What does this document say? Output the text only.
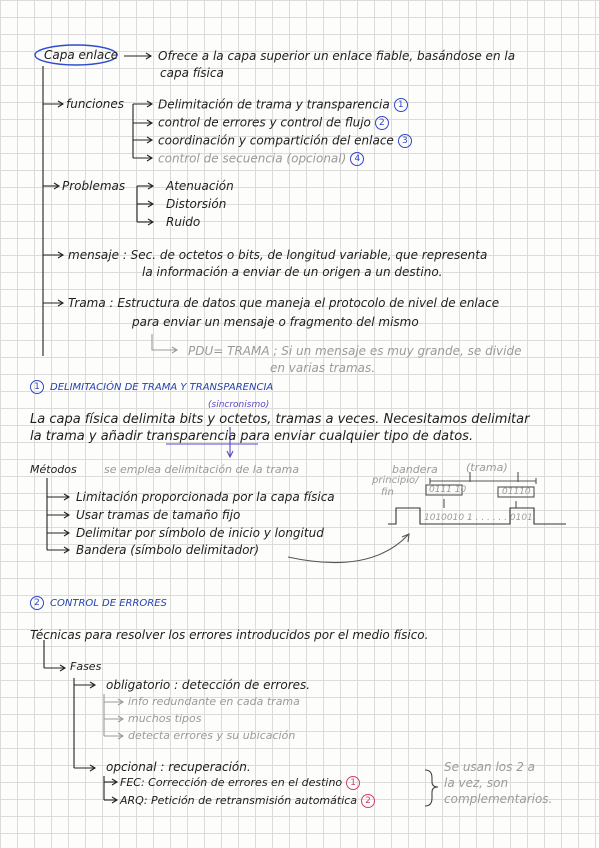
Capa enlace	Ofrece a la capa superior un enlace fiable, basándose en la
capa física
funciones	Delimitación de trama y transparencia 1
control de errores y control de flujo 2
coordinación y compartición del enlace 3
control de secuencia (opcional) 4
Problemas	Atenuación
Distorsión
Ruido
mensaje : Sec. de octetos o bits, de longitud variable, que representa
la información a enviar de un origen a un destino.
Trama : Estructura de datos que maneja el protocolo de nivel de enlace
para enviar un mensaje o fragmento del mismo
PDU= TRAMA ; Si un mensaje es muy grande, se divide
en varias tramas.
1 DELIMITACIÓN DE TRAMA Y TRANSPARENCIA
(sincronismo)
La capa física delimita bits y octetos, tramas a veces. Necesitamos delimitar
la trama y añadir transparencia para enviar cualquier tipo de datos.
Métodos se emplea delimitación de la trama
Limitación proporcionada por la capa física
Usar tramas de tamaño fijo
Delimitar por símbolo de inicio y longitud
Bandera (símbolo delimitador)
bandera
principio/
fin
(trama)
0111 10	01110
1010010 1 . . . . . . 0101
2 CONTROL DE ERRORES
Técnicas para resolver los errores introducidos por el medio físico.
Fases
obligatorio : detección de errores.
info redundante en cada trama
muchos tipos
detecta errores y su ubicación
opcional : recuperación.
FEC: Corrección de errores en el destino 1
ARQ: Petición de retransmisión automática 2
Se usan los 2 a
la vez, son
complementarios.
